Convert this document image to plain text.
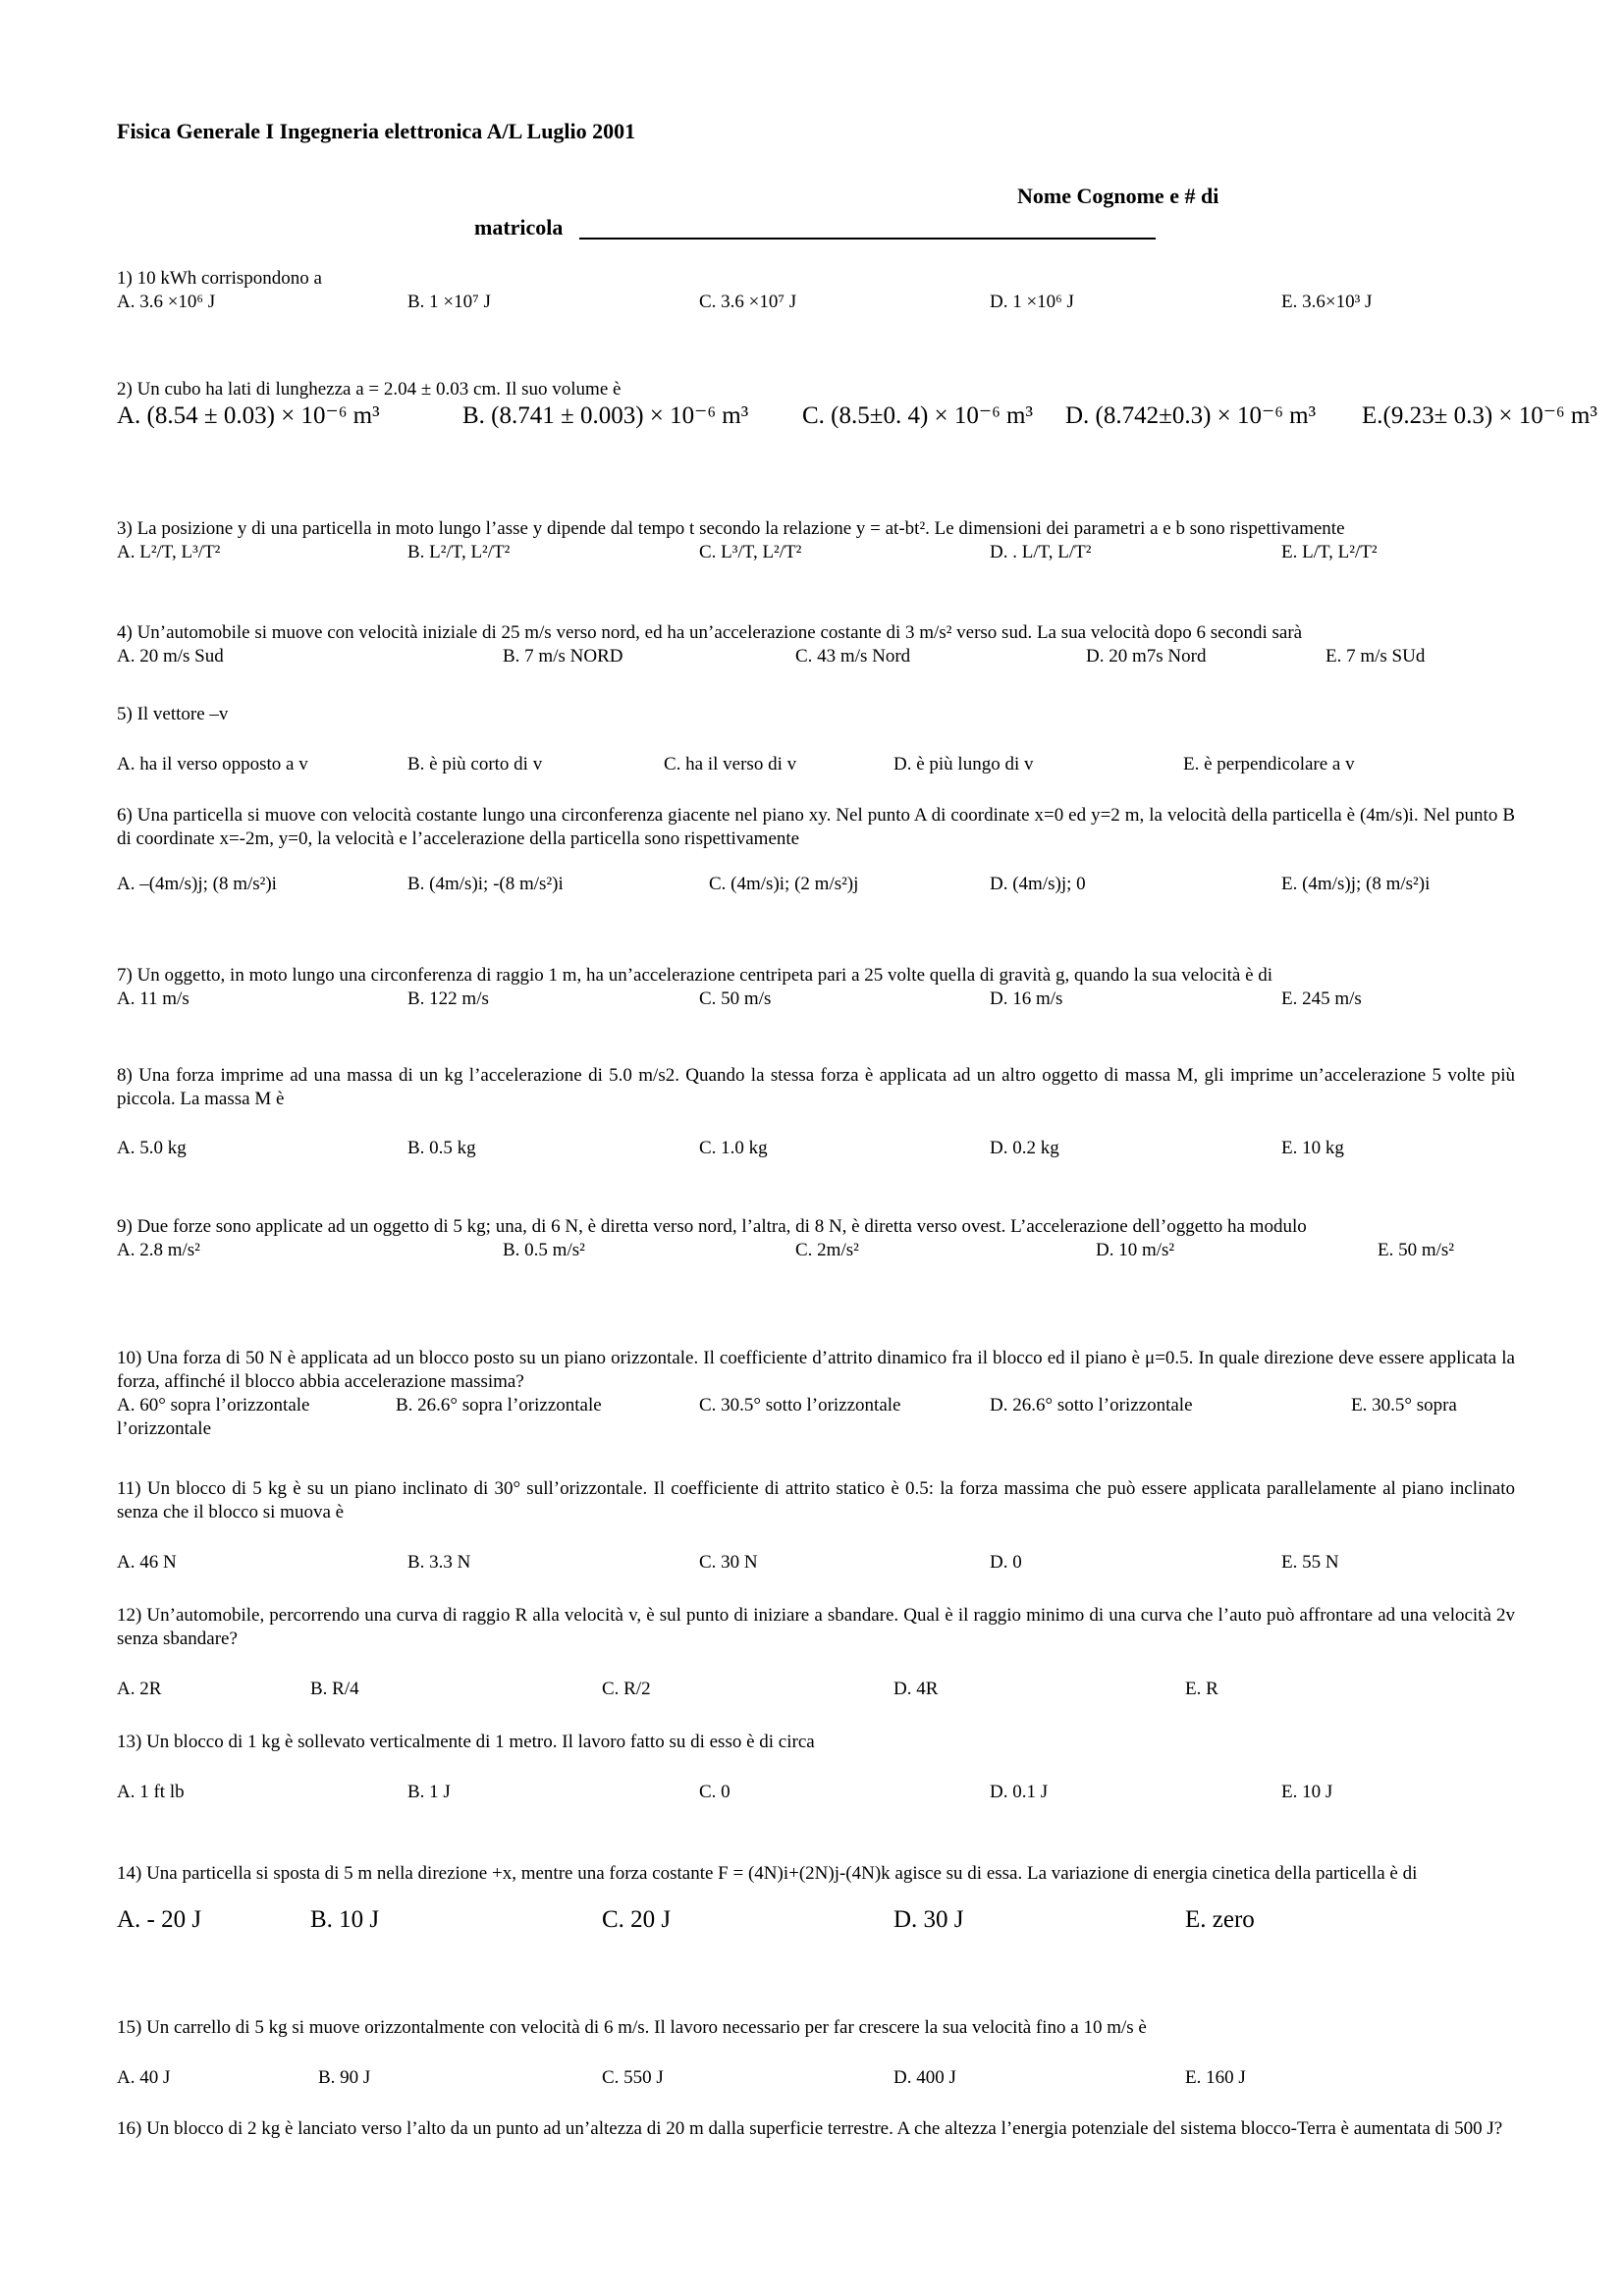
Fisica Generale I Ingegneria elettronica A/L Luglio 2001
Nome Cognome e # di
matricola
1) 10 kWh corrispondono a
A. 3.6 ×10⁶ J	B. 1 ×10⁷ J	C. 3.6 ×10⁷ J	D. 1 ×10⁶ J	E. 3.6×10³ J
2) Un cubo ha lati di lunghezza a = 2.04 ± 0.03 cm. Il suo volume è
A. (8.54 ± 0.03) × 10⁻⁶ m³	B. (8.741 ± 0.003) × 10⁻⁶ m³ C. (8.5±0. 4) × 10⁻⁶ m³ D. (8.742±0.3) × 10⁻⁶ m³ E.(9.23± 0.3) × 10⁻⁶ m³
3) La posizione y di una particella in moto lungo l’asse y dipende dal tempo t secondo la relazione y = at-bt². Le dimensioni dei parametri a e b sono rispettivamente
A. L²/T, L³/T²	B. L²/T, L²/T²	C. L³/T, L²/T²	D. . L/T, L/T²	E. L/T, L²/T²
4) Un’automobile si muove con velocità iniziale di 25 m/s verso nord, ed ha un’accelerazione costante di 3 m/s² verso sud. La sua velocità dopo 6 secondi sarà
A. 20 m/s Sud	B. 7 m/s NORD	C. 43 m/s Nord	D. 20 m7s Nord	E. 7 m/s SUd
5) Il vettore –v
A. ha il verso opposto a v	B. è più corto di v	C. ha il verso di v	D. è più lungo di v	E. è perpendicolare a v
6) Una particella si muove con velocità costante lungo una circonferenza giacente nel piano xy. Nel punto A di coordinate x=0 ed y=2 m, la velocità della particella è (4m/s)i. Nel punto B di coordinate x=-2m, y=0, la velocità e l’accelerazione della particella sono rispettivamente
A. –(4m/s)j; (8 m/s²)i	B. (4m/s)i; -(8 m/s²)i	C. (4m/s)i; (2 m/s²)j	D. (4m/s)j; 0	E. (4m/s)j; (8 m/s²)i
7) Un oggetto, in moto lungo una circonferenza di raggio 1 m, ha un’accelerazione centripeta pari a 25 volte quella di gravità g, quando la sua velocità è di
A. 11 m/s	B. 122 m/s	C. 50 m/s	D. 16 m/s	E. 245 m/s
8) Una forza imprime ad una massa di un kg l’accelerazione di 5.0 m/s2. Quando la stessa forza è applicata ad un altro oggetto di massa M, gli imprime un’accelerazione 5 volte più piccola. La massa M è
A. 5.0 kg	B. 0.5 kg	C. 1.0 kg	D. 0.2 kg	E. 10 kg
9) Due forze sono applicate ad un oggetto di 5 kg; una, di 6 N, è diretta verso nord, l’altra, di 8 N, è diretta verso ovest. L’accelerazione dell’oggetto ha modulo
A. 2.8 m/s²	B. 0.5 m/s²	C. 2m/s²	D. 10 m/s²	E. 50 m/s²
10) Una forza di 50 N è applicata ad un blocco posto su un piano orizzontale. Il coefficiente d’attrito dinamico fra il blocco ed il piano è μ=0.5. In quale direzione deve essere applicata la forza, affinché il blocco abbia accelerazione massima?
A. 60° sopra l’orizzontale	B. 26.6° sopra l’orizzontale	C. 30.5° sotto l’orizzontale	D. 26.6° sotto l’orizzontale	E. 30.5° sopra
l’orizzontale
11) Un blocco di 5 kg è su un piano inclinato di 30° sull’orizzontale. Il coefficiente di attrito statico è 0.5: la forza massima che può essere applicata parallelamente al piano inclinato senza che il blocco si muova è
A. 46 N	B. 3.3 N	C. 30 N	D. 0	E. 55 N
12) Un’automobile, percorrendo una curva di raggio R alla velocità v, è sul punto di iniziare a sbandare. Qual è il raggio minimo di una curva che l’auto può affrontare ad una velocità 2v senza sbandare?
A. 2R	B. R/4	C. R/2	D. 4R	E. R
13) Un blocco di 1 kg è sollevato verticalmente di 1 metro. Il lavoro fatto su di esso è di circa
A. 1 ft lb	B. 1 J	C. 0	D. 0.1 J	E. 10 J
14) Una particella si sposta di 5 m nella direzione +x, mentre una forza costante F = (4N)i+(2N)j-(4N)k agisce su di essa. La variazione di energia cinetica della particella è di
A. - 20 J	B. 10 J	C. 20 J	D. 30 J	E. zero
15) Un carrello di 5 kg si muove orizzontalmente con velocità di 6 m/s. Il lavoro necessario per far crescere la sua velocità fino a 10 m/s è
A. 40 J	B. 90 J	C. 550 J	D. 400 J	E. 160 J
16) Un blocco di 2 kg è lanciato verso l’alto da un punto ad un’altezza di 20 m dalla superficie terrestre. A che altezza l’energia potenziale del sistema blocco-Terra è aumentata di 500 J?
